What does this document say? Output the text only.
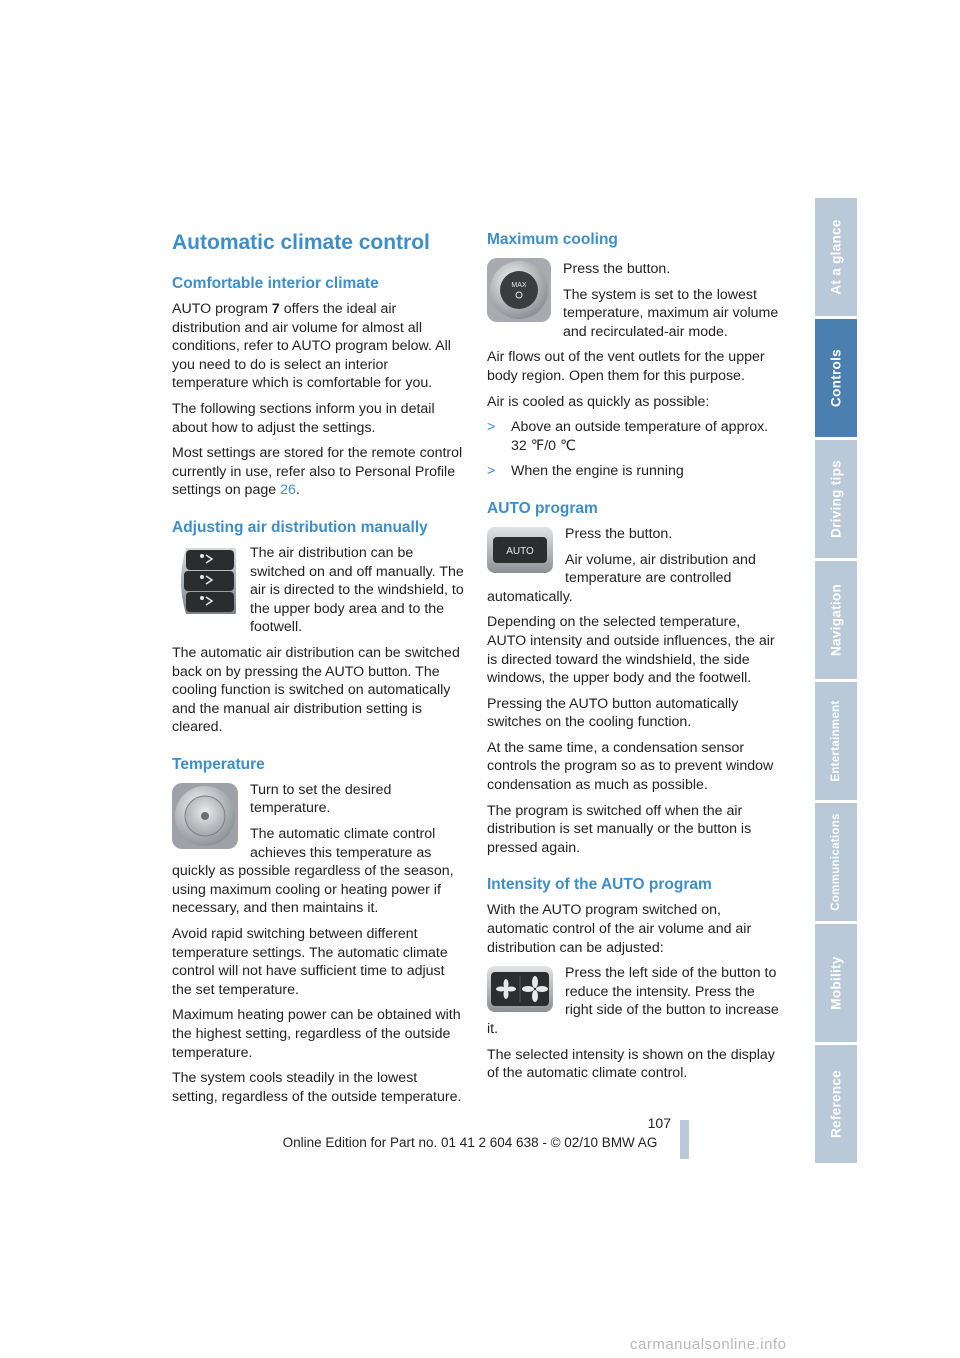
Automatic climate control
Comfortable interior climate

AUTO program 7 offers the ideal air distribution and air volume for almost all conditions, refer to AUTO program below. All you need to do is select an interior temperature which is comfortable for you.

The following sections inform you in detail about how to adjust the settings.

Most settings are stored for the remote control currently in use, refer also to Personal Profile settings on page 26.

Adjusting air distribution manually

The air distribution can be switched on and off manually. The air is directed to the windshield, to the upper body area and to the footwell.

The automatic air distribution can be switched back on by pressing the AUTO button. The cooling function is switched on automatically and the manual air distribution setting is cleared.

Temperature

Turn to set the desired temperature.

The automatic climate control achieves this temperature as quickly as possible regardless of the season, using maximum cooling or heating power if necessary, and then maintains it.

Avoid rapid switching between different temperature settings. The automatic climate control will not have sufficient time to adjust the set temperature.

Maximum heating power can be obtained with the highest setting, regardless of the outside temperature.

The system cools steadily in the lowest setting, regardless of the outside temperature.

Maximum cooling
MAX

Press the button.

The system is set to the lowest temperature, maximum air volume and recirculated-air mode.

Air flows out of the vent outlets for the upper body region. Open them for this purpose.

Air is cooled as quickly as possible:

>	Above an outside temperature of approx. 32 ℉/0 ℃
>	When the engine is running
AUTO program
AUTO

Press the button.

Air volume, air distribution and temperature are controlled automatically.

Depending on the selected temperature, AUTO intensity and outside influences, the air is directed toward the windshield, the side windows, the upper body and the footwell.

Pressing the AUTO button automatically switches on the cooling function.

At the same time, a condensation sensor controls the program so as to prevent window condensation as much as possible.

The program is switched off when the air distribution is set manually or the button is pressed again.

Intensity of the AUTO program

With the AUTO program switched on, automatic control of the air volume and air distribution can be adjusted:

Press the left side of the button to reduce the intensity. Press the right side of the button to increase it.

The selected intensity is shown on the display of the automatic climate control.

At a glance
Controls
Driving tips
Navigation
Entertainment
Communications
Mobility
Reference
107
Online Edition for Part no. 01 41 2 604 638 - © 02/10 BMW AG
carmanualsonline.info
